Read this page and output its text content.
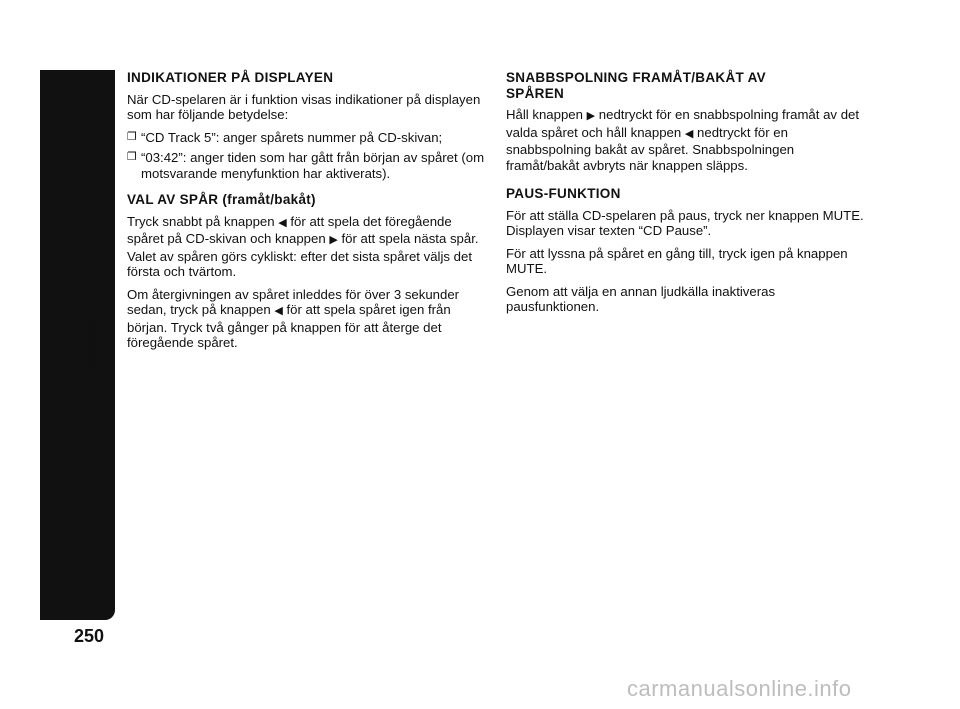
BILRADIO
250
carmanualsonline.info
INDIKATIONER PÅ DISPLAYEN
När CD-spelaren är i funktion visas indikationer på displayen som har följande betydelse:
❐ “CD Track 5”: anger spårets nummer på CD-skivan;
❐ “03:42”: anger tiden som har gått från början av spåret (om motsvarande menyfunktion har aktiverats).
VAL AV SPÅR (framåt/bakåt)
Tryck snabbt på knappen ◀ för att spela det föregående spåret på CD-skivan och knappen ▶ för att spela nästa spår. Valet av spåren görs cykliskt: efter det sista spåret väljs det första och tvärtom.
Om återgivningen av spåret inleddes för över 3 sekunder sedan, tryck på knappen ◀ för att spela spåret igen från början. Tryck två gånger på knappen för att återge det föregående spåret.
SNABBSPOLNING FRAMÅT/BAKÅT AV SPÅREN
Håll knappen ▶ nedtryckt för en snabbspolning framåt av det valda spåret och håll knappen ◀ nedtryckt för en snabbspolning bakåt av spåret. Snabbspolningen framåt/bakåt avbryts när knappen släpps.
PAUS-FUNKTION
För att ställa CD-spelaren på paus, tryck ner knappen MUTE. Displayen visar texten “CD Pause”.
För att lyssna på spåret en gång till, tryck igen på knappen MUTE.
Genom att välja en annan ljudkälla inaktiveras pausfunktionen.
